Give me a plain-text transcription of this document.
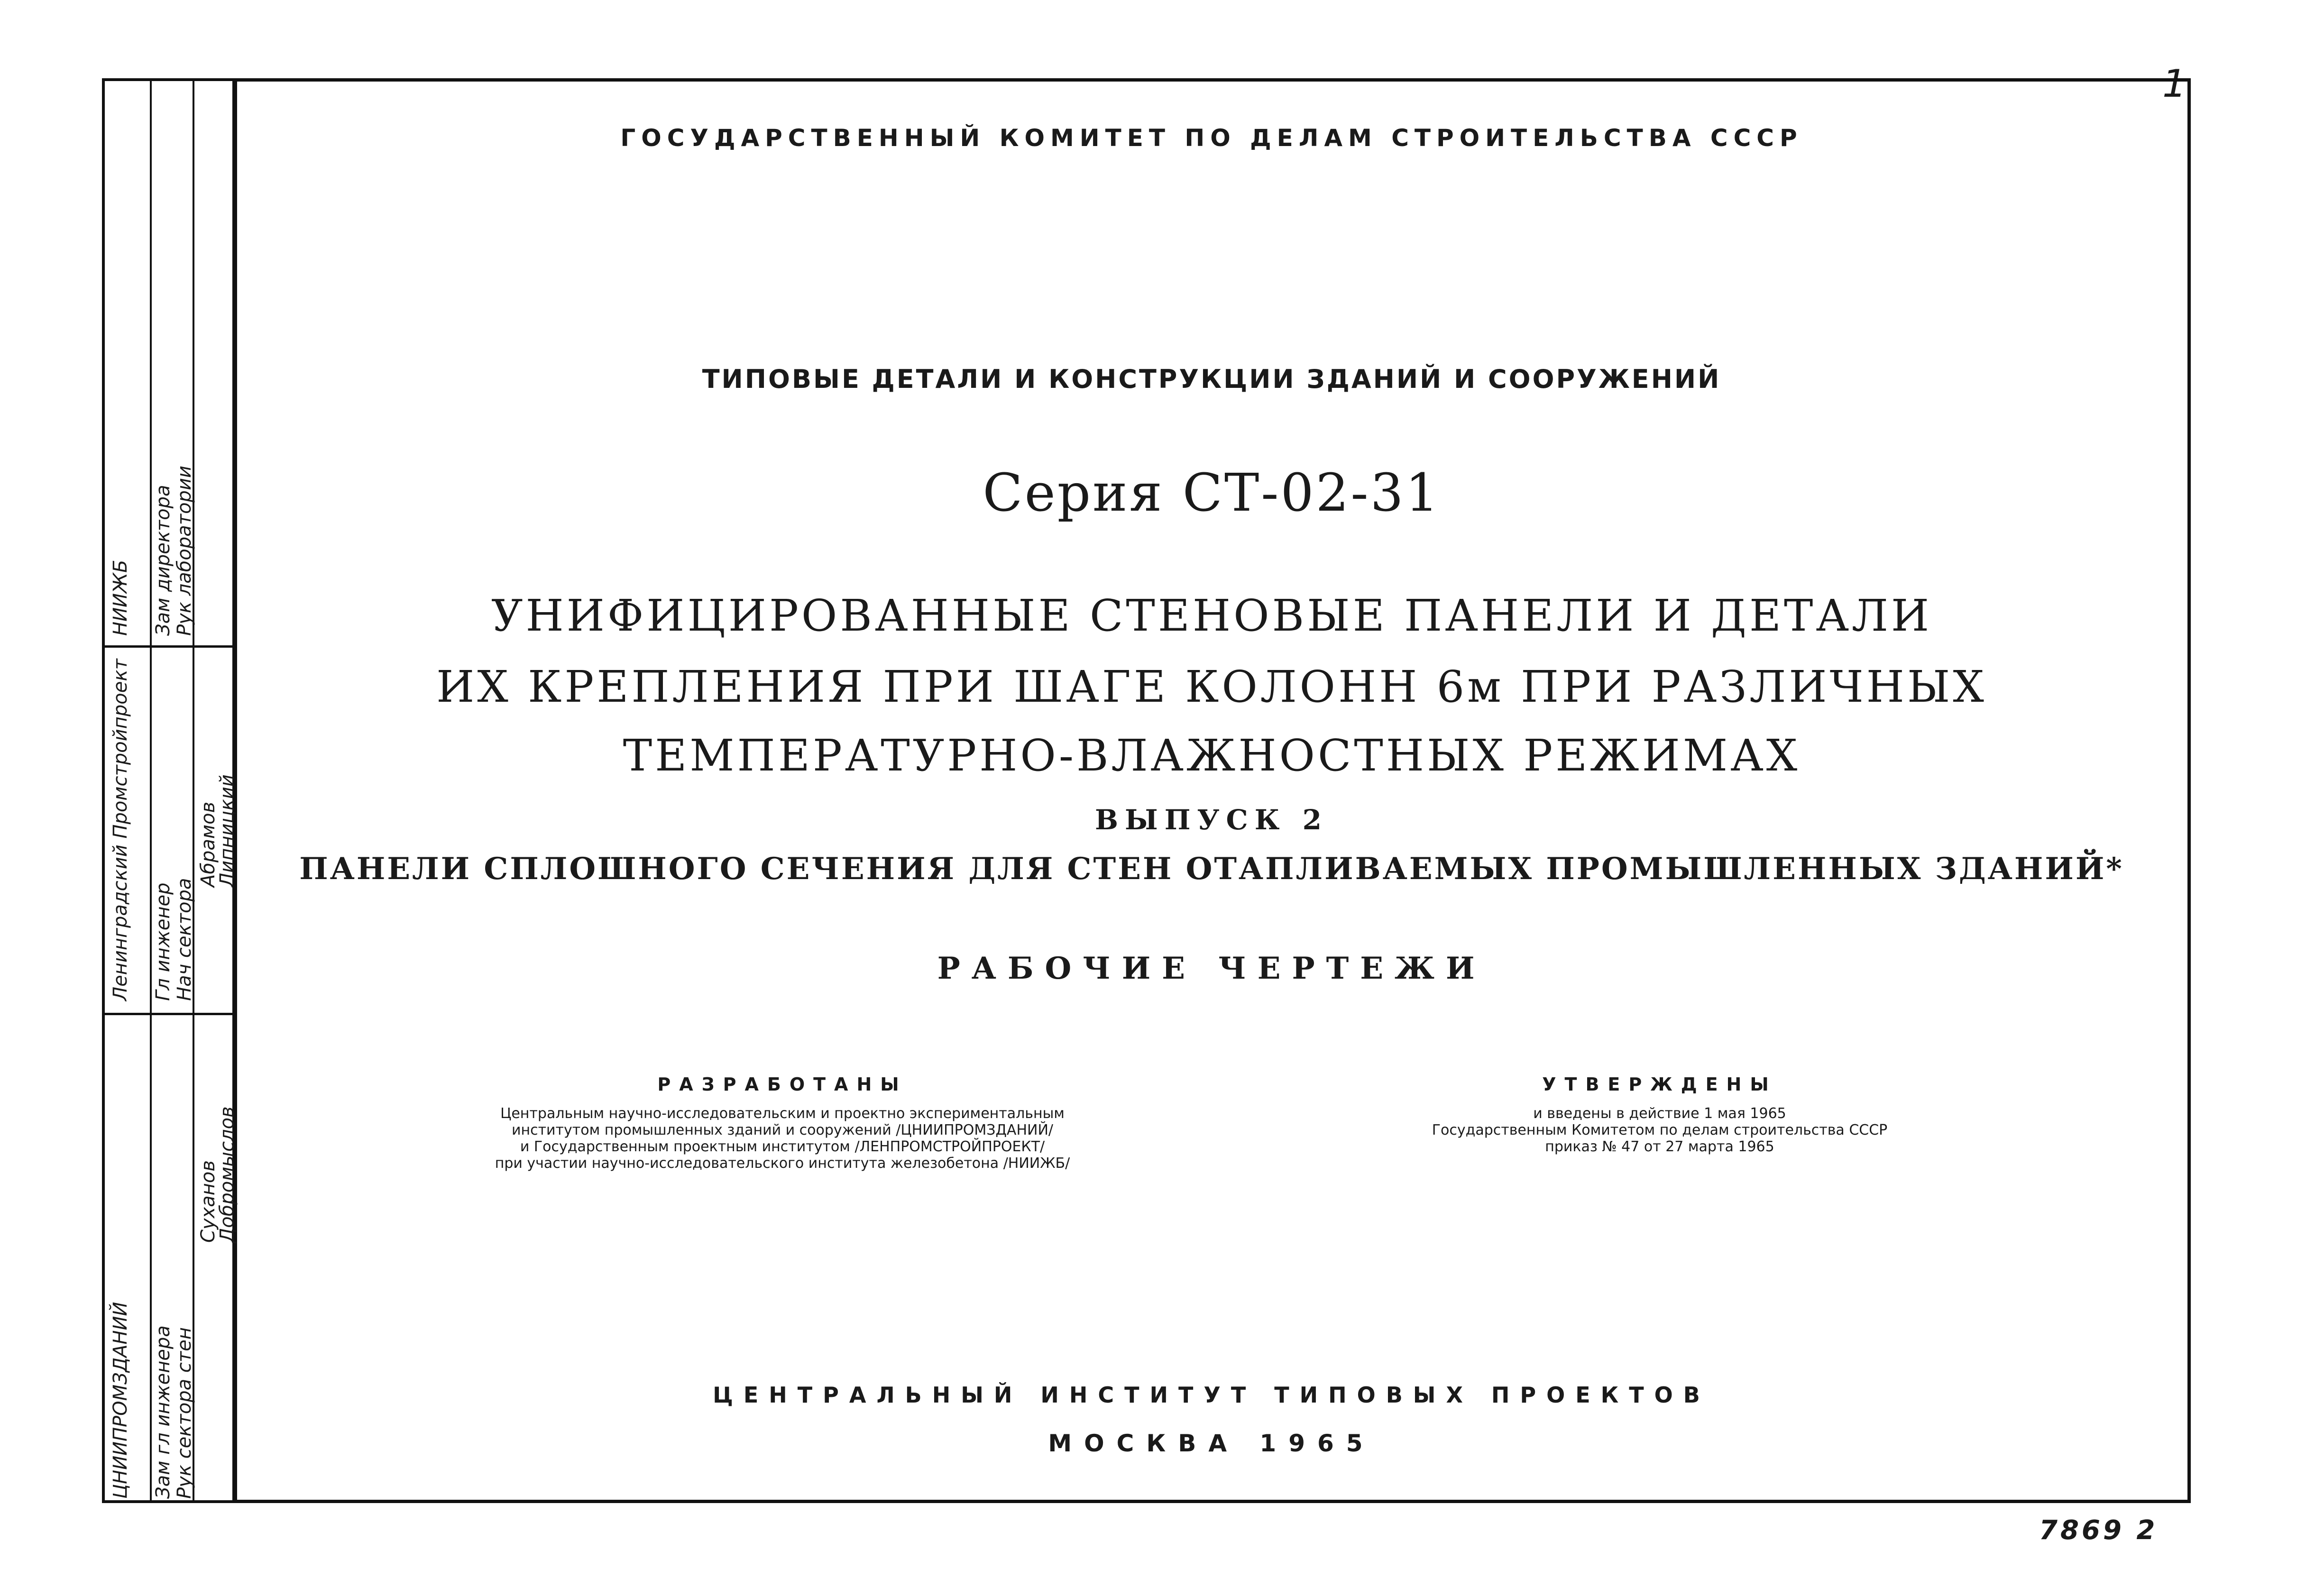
1
НИИЖБ Зам директора Рук лаборатории
Ленинградский Промстройпроект Гл инженер Нач сектора
Абрамов
Липницкий
ЦНИИПРОМЗДАНИЙ Зам гл инженера Рук сектора стен
Суханов
Добромыслов
ГОСУДАРСТВЕННЫЙ КОМИТЕТ ПО ДЕЛАМ СТРОИТЕЛЬСТВА СССР
ТИПОВЫЕ ДЕТАЛИ И КОНСТРУКЦИИ ЗДАНИЙ И СООРУЖЕНИЙ
Серия СТ-02-31
УНИФИЦИРОВАННЫЕ СТЕНОВЫЕ ПАНЕЛИ И ДЕТАЛИ
ИХ КРЕПЛЕНИЯ ПРИ ШАГЕ КОЛОНН 6м ПРИ РАЗЛИЧНЫХ
ТЕМПЕРАТУРНО-ВЛАЖНОСТНЫХ РЕЖИМАХ
ВЫПУСК 2
ПАНЕЛИ СПЛОШНОГО СЕЧЕНИЯ ДЛЯ СТЕН ОТАПЛИВАЕМЫХ ПРОМЫШЛЕННЫХ ЗДАНИЙ*
РАБОЧИЕ ЧЕРТЕЖИ
РАЗРАБОТАНЫ
Центральным научно-исследовательским и проектно экспериментальным
институтом промышленных зданий и сооружений /ЦНИИПРОМЗДАНИЙ/
и Государственным проектным институтом /ЛЕНПРОМСТРОЙПРОЕКТ/
при участии научно-исследовательского института железобетона /НИИЖБ/
УТВЕРЖДЕНЫ
и введены в действие 1 мая 1965
Государственным Комитетом по делам строительства СССР
приказ № 47 от 27 марта 1965
ЦЕНТРАЛЬНЫЙ ИНСТИТУТ ТИПОВЫХ ПРОЕКТОВ
МОСКВА 1965
7869 2
